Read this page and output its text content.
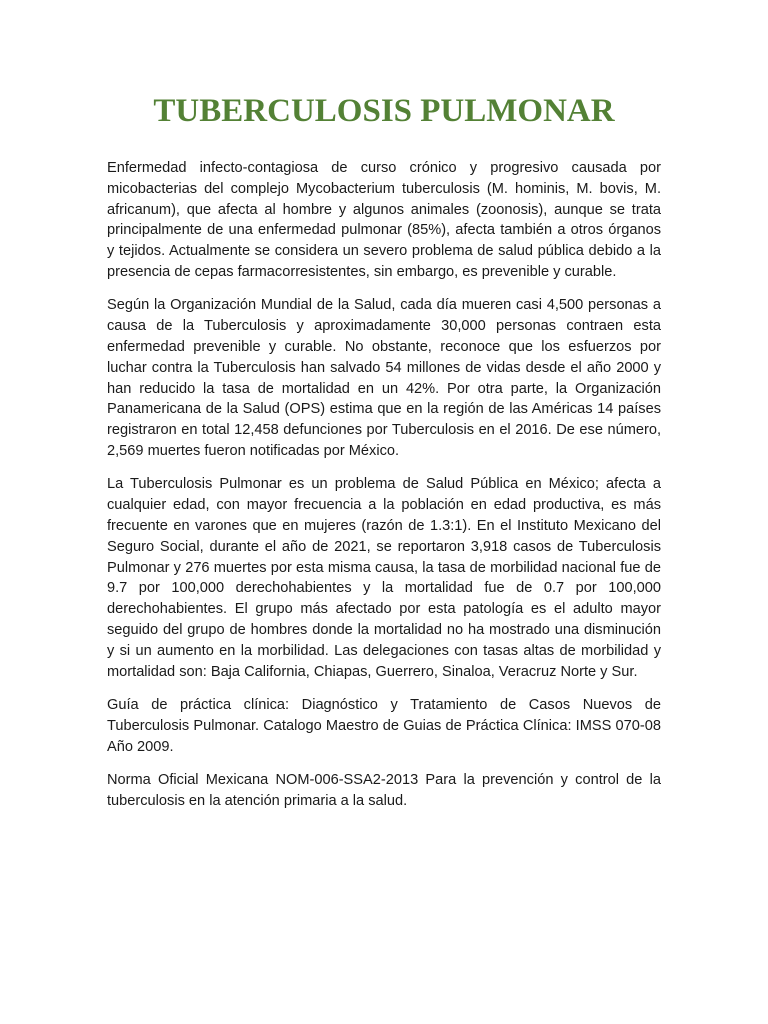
TUBERCULOSIS PULMONAR

Enfermedad infecto-contagiosa de curso crónico y progresivo causada por micobacterias del complejo Mycobacterium tuberculosis (M. hominis, M. bovis, M. africanum), que afecta al hombre y algunos animales (zoonosis), aunque se trata principalmente de una enfermedad pulmonar (85%), afecta también a otros órganos y tejidos. Actualmente se considera un severo problema de salud pública debido a la presencia de cepas farmacorresistentes, sin embargo, es prevenible y curable.

Según la Organización Mundial de la Salud, cada día mueren casi 4,500 personas a causa de la Tuberculosis y aproximadamente 30,000 personas contraen esta enfermedad prevenible y curable. No obstante, reconoce que los esfuerzos por luchar contra la Tuberculosis han salvado 54 millones de vidas desde el año 2000 y han reducido la tasa de mortalidad en un 42%. Por otra parte, la Organización Panamericana de la Salud (OPS) estima que en la región de las Américas 14 países registraron en total 12,458 defunciones por Tuberculosis en el 2016. De ese número, 2,569 muertes fueron notificadas por México.

La Tuberculosis Pulmonar es un problema de Salud Pública en México; afecta a cualquier edad, con mayor frecuencia a la población en edad productiva, es más frecuente en varones que en mujeres (razón de 1.3:1). En el Instituto Mexicano del Seguro Social, durante el año de 2021, se reportaron 3,918 casos de Tuberculosis Pulmonar y 276 muertes por esta misma causa, la tasa de morbilidad nacional fue de 9.7 por 100,000 derechohabientes y la mortalidad fue de 0.7 por 100,000 derechohabientes. El grupo más afectado por esta patología es el adulto mayor seguido del grupo de hombres donde la mortalidad no ha mostrado una disminución y si un aumento en la morbilidad. Las delegaciones con tasas altas de morbilidad y mortalidad son: Baja California, Chiapas, Guerrero, Sinaloa, Veracruz Norte y Sur.

Guía de práctica clínica: Diagnóstico y Tratamiento de Casos Nuevos de Tuberculosis Pulmonar. Catalogo Maestro de Guias de Práctica Clínica: IMSS 070-08 Año 2009.

Norma Oficial Mexicana NOM-006-SSA2-2013 Para la prevención y control de la tuberculosis en la atención primaria a la salud.
